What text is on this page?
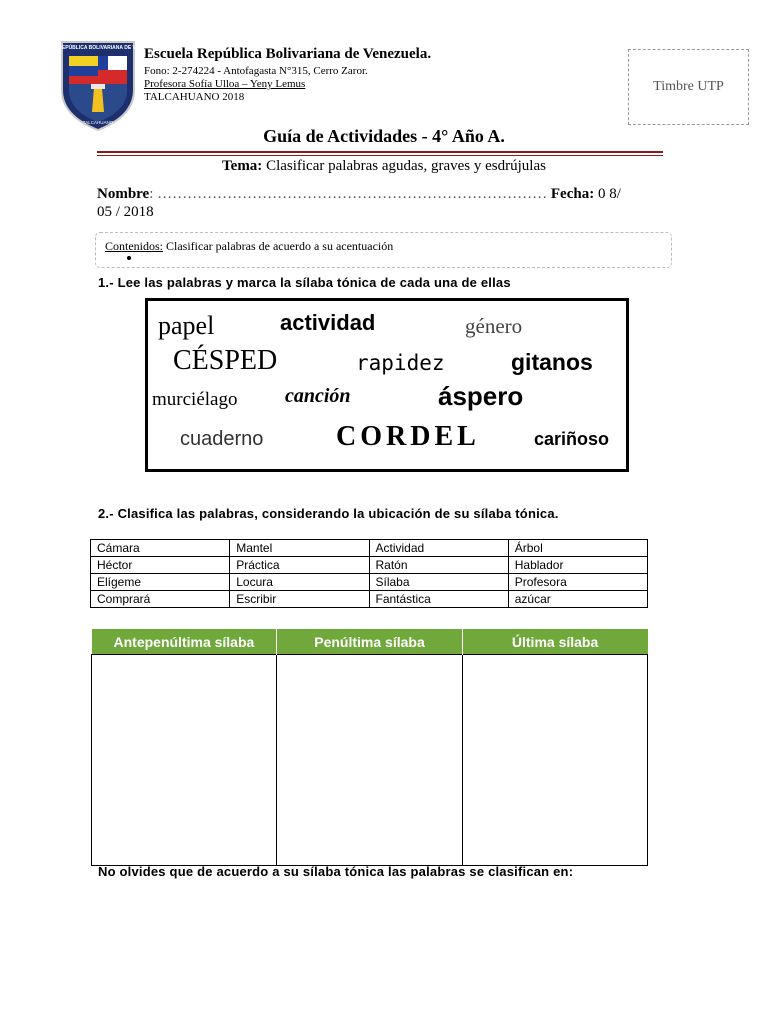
ESCUELA REPÚBLICA BOLIVARIANA DE VENEZUELA
TALCAHUANO
Escuela República Bolivariana de Venezuela.
Fono: 2-274224 - Antofagasta N°315, Cerro Zaror.
Profesora Sofía Ulloa – Yeny Lemus
TALCAHUANO 2018
Timbre UTP
Guía de Actividades - 4° Año A.
Tema: Clasificar palabras agudas, graves y esdrújulas
Nombre: …………………………………………………………………… Fecha: 0 8/ 05 / 2018
Contenidos: Clasificar palabras de acuerdo a su acentuación
1.- Lee las palabras y marca la sílaba tónica de cada una de ellas
papel	actividad	género
CÉSPED	rapidez	gitanos
murciélago canción	áspero
cuaderno	CORDEL	cariñoso
2.- Clasifica las palabras, considerando la ubicación de su sílaba tónica.
Cámara	Mantel	Actividad	Árbol
Héctor	Práctica	Ratón	Hablador
Elígeme	Locura	Sílaba	Profesora
Comprará	Escribir	Fantástica	azúcar
Antepenúltima sílaba	Penúltima sílaba	Última sílaba

No olvides que de acuerdo a su sílaba tónica las palabras se clasifican en:
